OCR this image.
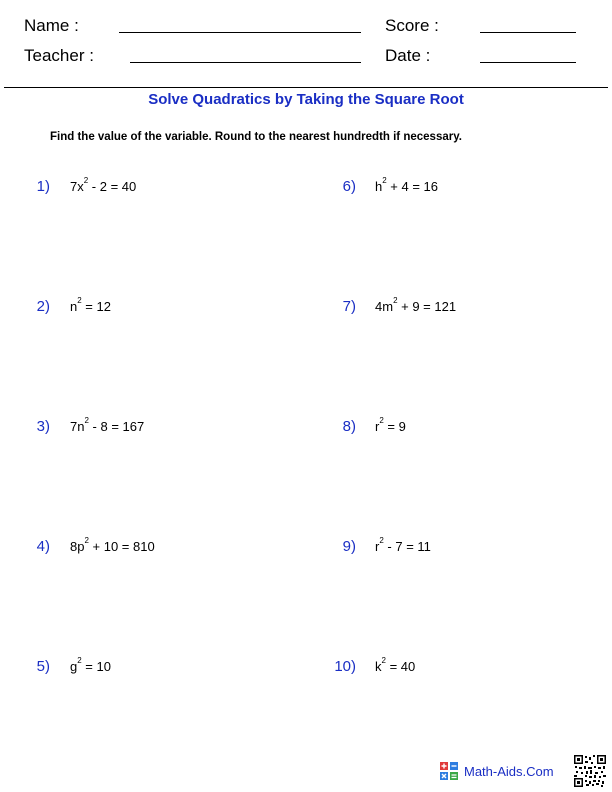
Name :	Score :
Teacher :	Date :
Solve Quadratics by Taking the Square Root
Find the value of the variable. Round to the nearest hundredth if necessary.
1) $7x^2 - 2 = 40$
2) $n^2 = 12$
3) $7n^2 - 8 = 167$
4) $8p^2 + 10 = 810$
5) $g^2 = 10$
6) $h^2 + 4 = 16$
7) $4m^2 + 9 = 121$
8) $r^2 = 9$
9) $r^2 - 7 = 11$
10) $k^2 = 40$
Math-Aids.Com
